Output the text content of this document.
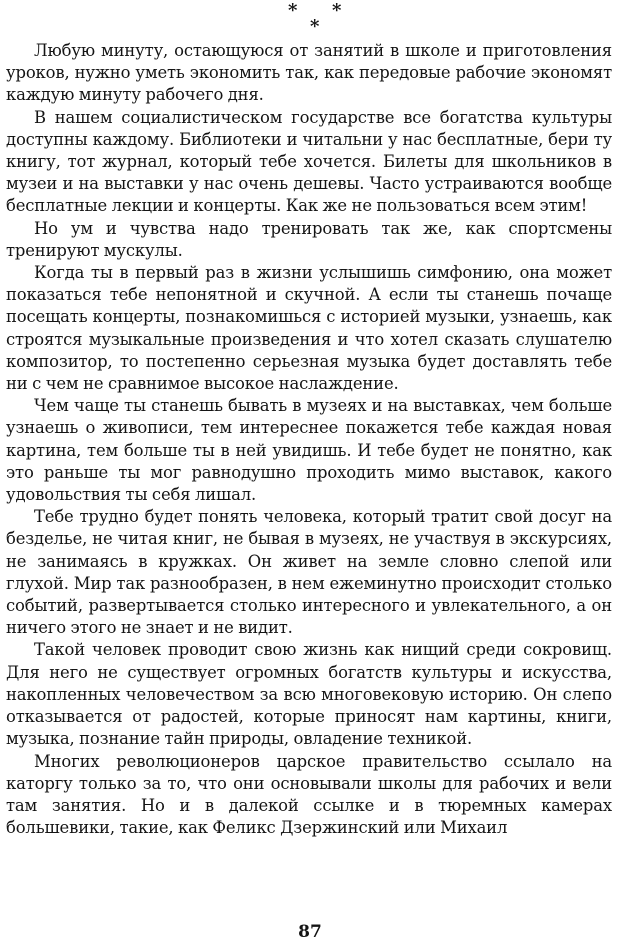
* *
*

Любую минуту, остающуюся от занятий в школе и приготовления уроков, нужно уметь экономить так, как передовые рабочие экономят каждую минуту рабочего дня.

В нашем социалистическом государстве все богатства культуры доступны каждому. Библиотеки и читальни у нас бесплатные, бери ту книгу, тот журнал, который тебе хочется. Билеты для школьников в музеи и на выставки у нас очень дешевы. Часто устраиваются вообще бесплатные лекции и концерты. Как же не пользоваться всем этим!

Но ум и чувства надо тренировать так же, как спортсмены тренируют мускулы.

Когда ты в первый раз в жизни услышишь симфонию, она может показаться тебе непонятной и скучной. А если ты станешь почаще посещать концерты, познакомишься с историей музыки, узнаешь, как строятся музыкальные произведения и что хотел сказать слушателю композитор, то постепенно серьезная музыка будет доставлять тебе ни с чем не сравнимое высокое наслаждение.

Чем чаще ты станешь бывать в музеях и на выставках, чем больше узнаешь о живописи, тем интереснее покажется тебе каждая новая картина, тем больше ты в ней увидишь. И тебе будет не понятно, как это раньше ты мог равнодушно проходить мимо выставок, какого удовольствия ты себя лишал.

Тебе трудно будет понять человека, который тратит свой досуг на безделье, не читая книг, не бывая в музеях, не участвуя в экскурсиях, не занимаясь в кружках. Он живет на земле словно слепой или глухой. Мир так разнообразен, в нем ежеминутно происходит столько событий, развертывается столько интересного и увлекательного, а он ничего этого не знает и не видит.

Такой человек проводит свою жизнь как нищий среди сокровищ. Для него не существует огромных богатств культуры и искусства, накопленных человечеством за всю многовековую историю. Он слепо отказывается от радостей, которые приносят нам картины, книги, музыка, познание тайн природы, овладение техникой.

Многих революционеров царское правительство ссылало на каторгу только за то, что они основывали школы для рабочих и вели там занятия. Но и в далекой ссылке и в тюремных камерах большевики, такие, как Феликс Дзержинский или Михаил

87
